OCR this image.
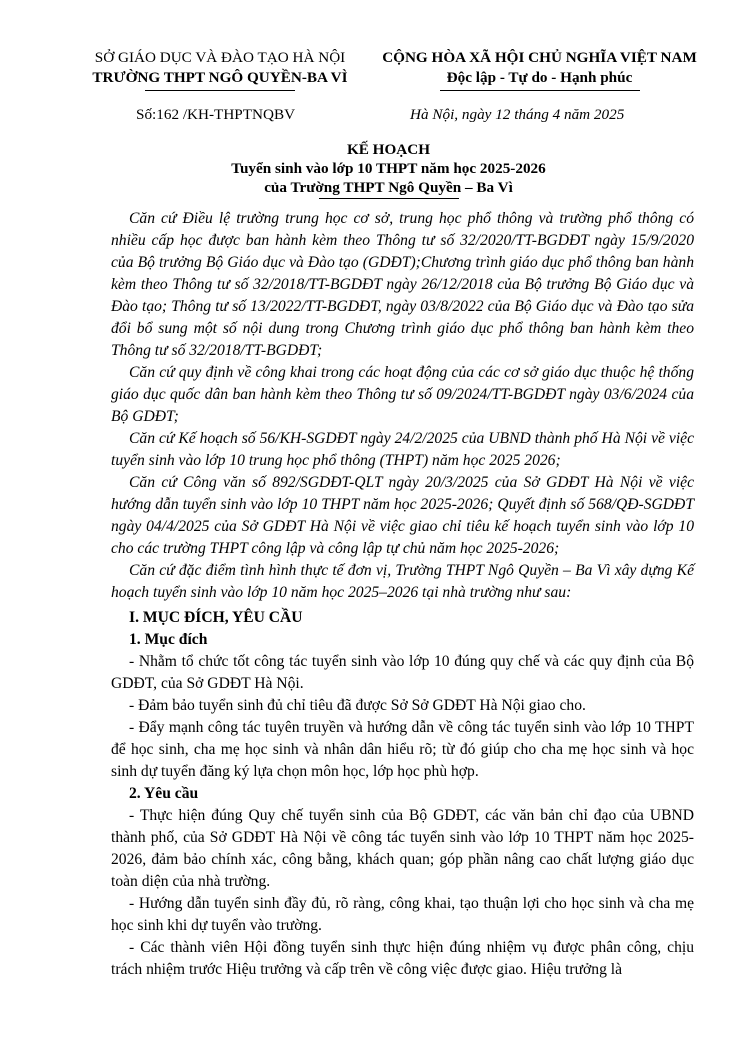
SỞ GIÁO DỤC VÀ ĐÀO TẠO HÀ NỘI
TRƯỜNG THPT NGÔ QUYỀN-BA VÌ
CỘNG HÒA XÃ HỘI CHỦ NGHĨA VIỆT NAM
Độc lập - Tự do - Hạnh phúc
Số:162 /KH-THPTNQBV	Hà Nội, ngày 12 tháng 4 năm 2025
KẾ HOẠCH
Tuyển sinh vào lớp 10 THPT năm học 2025-2026
của Trường THPT Ngô Quyền – Ba Vì

Căn cứ Điều lệ trường trung học cơ sở, trung học phổ thông và trường phổ thông có nhiều cấp học được ban hành kèm theo Thông tư số 32/2020/TT-BGDĐT ngày 15/9/2020 của Bộ trưởng Bộ Giáo dục và Đào tạo (GDĐT);Chương trình giáo dục phổ thông ban hành kèm theo Thông tư số 32/2018/TT-BGDĐT ngày 26/12/2018 của Bộ trưởng Bộ Giáo dục và Đào tạo; Thông tư số 13/2022/TT-BGDĐT, ngày 03/8/2022 của Bộ Giáo dục và Đào tạo sửa đổi bổ sung một số nội dung trong Chương trình giáo dục phổ thông ban hành kèm theo Thông tư số 32/2018/TT-BGDĐT;

Căn cứ quy định về công khai trong các hoạt động của các cơ sở giáo dục thuộc hệ thống giáo dục quốc dân ban hành kèm theo Thông tư số 09/2024/TT-BGDĐT ngày 03/6/2024 của Bộ GDĐT;

Căn cứ Kế hoạch số 56/KH-SGDĐT ngày 24/2/2025 của UBND thành phố Hà Nội về việc tuyển sinh vào lớp 10 trung học phổ thông (THPT) năm học 2025 2026;

Căn cứ Công văn số 892/SGDĐT-QLT ngày 20/3/2025 của Sở GDĐT Hà Nội về việc hướng dẫn tuyển sinh vào lớp 10 THPT năm học 2025-2026; Quyết định số 568/QĐ-SGDĐT ngày 04/4/2025 của Sở GDĐT Hà Nội về việc giao chỉ tiêu kế hoạch tuyển sinh vào lớp 10 cho các trường THPT công lập và công lập tự chủ năm học 2025-2026;

Căn cứ đặc điểm tình hình thực tế đơn vị, Trường THPT Ngô Quyền – Ba Vì xây dựng Kế hoạch tuyển sinh vào lớp 10 năm học 2025–2026 tại nhà trường như sau:

I. MỤC ĐÍCH, YÊU CẦU

1. Mục đích

- Nhằm tổ chức tốt công tác tuyển sinh vào lớp 10 đúng quy chế và các quy định của Bộ GDĐT, của Sở GDĐT Hà Nội.

- Đảm bảo tuyển sinh đủ chỉ tiêu đã được Sở Sở GDĐT Hà Nội giao cho.

- Đẩy mạnh công tác tuyên truyền và hướng dẫn về công tác tuyển sinh vào lớp 10 THPT để học sinh, cha mẹ học sinh và nhân dân hiểu rõ; từ đó giúp cho cha mẹ học sinh và học sinh dự tuyển đăng ký lựa chọn môn học, lớp học phù hợp.

2. Yêu cầu

- Thực hiện đúng Quy chế tuyển sinh của Bộ GDĐT, các văn bản chỉ đạo của UBND thành phố, của Sở GDĐT Hà Nội về công tác tuyển sinh vào lớp 10 THPT năm học 2025-2026, đảm bảo chính xác, công bằng, khách quan; góp phần nâng cao chất lượng giáo dục toàn diện của nhà trường.

- Hướng dẫn tuyển sinh đầy đủ, rõ ràng, công khai, tạo thuận lợi cho học sinh và cha mẹ học sinh khi dự tuyển vào trường.

- Các thành viên Hội đồng tuyển sinh thực hiện đúng nhiệm vụ được phân công, chịu trách nhiệm trước Hiệu trưởng và cấp trên về công việc được giao. Hiệu trưởng là
